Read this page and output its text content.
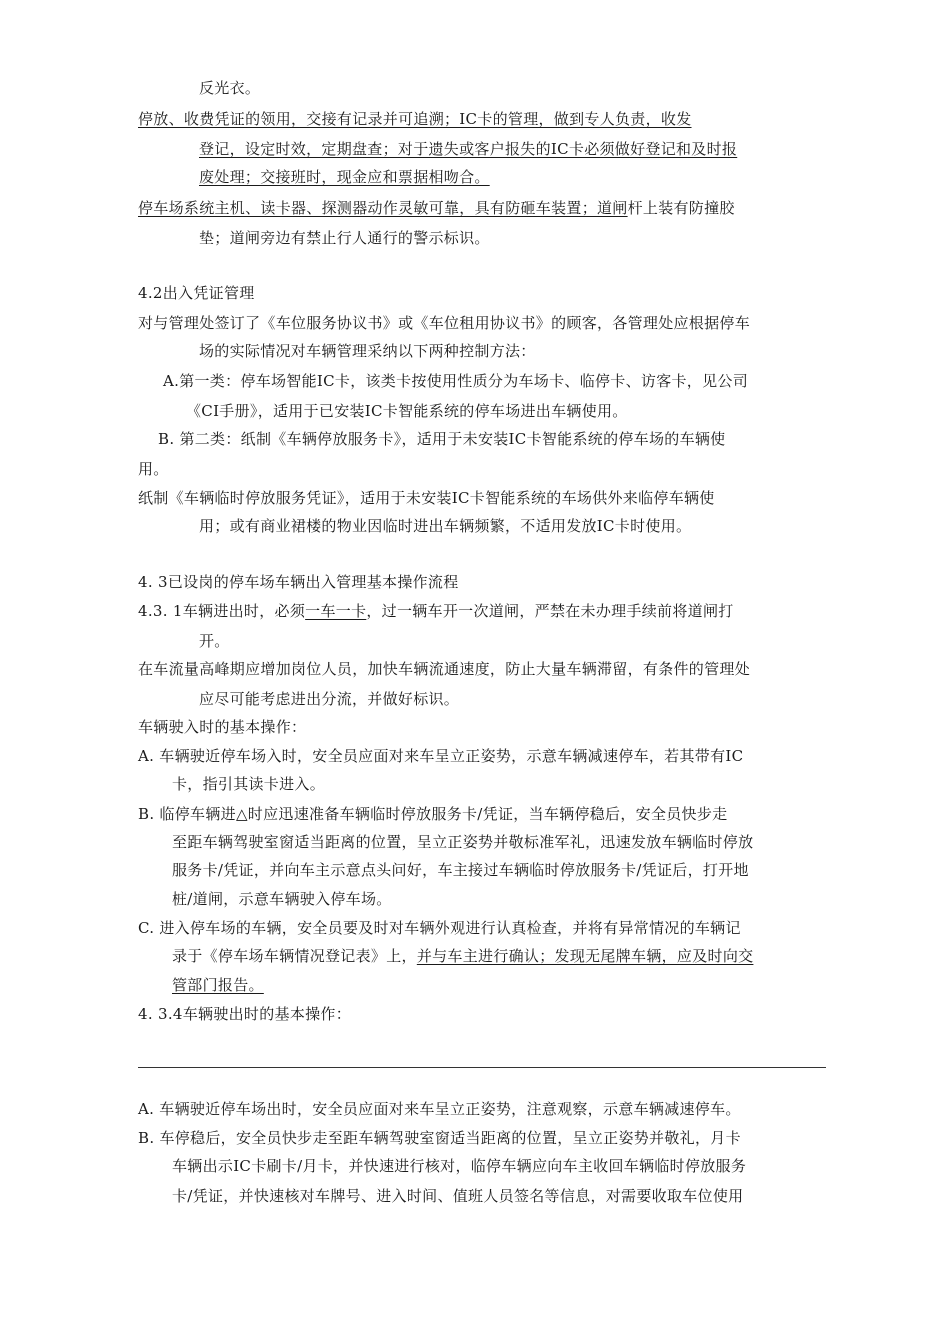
反光衣。
停放、收费凭证的领用，交接有记录并可追溯；IC卡的管理，做到专人负责，收发
登记，设定时效，定期盘查；对于遗失或客户报失的IC卡必须做好登记和及时报
废处理；交接班时，现金应和票据相吻合。
停车场系统主机、读卡器、探测器动作灵敏可靠，具有防砸车装置；道闸杆上装有防撞胶
垫；道闸旁边有禁止行人通行的警示标识。
4.2出入凭证管理
对与管理处签订了《车位服务协议书》或《车位租用协议书》的顾客，各管理处应根据停车
场的实际情况对车辆管理采纳以下两种控制方法：
A.第一类：停车场智能IC卡，该类卡按使用性质分为车场卡、临停卡、访客卡，见公司
《CI手册》，适用于已安装IC卡智能系统的停车场进出车辆使用。
B. 第二类：纸制《车辆停放服务卡》，适用于未安装IC卡智能系统的停车场的车辆使
用。
纸制《车辆临时停放服务凭证》，适用于未安装IC卡智能系统的车场供外来临停车辆使
用；或有商业裙楼的物业因临时进出车辆频繁，不适用发放IC卡时使用。
4. 3已设岗的停车场车辆出入管理基本操作流程
4.3. 1车辆进出时，必须一车一卡，过一辆车开一次道闸，严禁在未办理手续前将道闸打
开。
在车流量高峰期应增加岗位人员，加快车辆流通速度，防止大量车辆滞留，有条件的管理处
应尽可能考虑进出分流，并做好标识。
车辆驶入时的基本操作：
A. 车辆驶近停车场入时，安全员应面对来车呈立正姿势，示意车辆减速停车，若其带有IC
卡，指引其读卡进入。
B. 临停车辆进△时应迅速准备车辆临时停放服务卡/凭证，当车辆停稳后，安全员快步走
至距车辆驾驶室窗适当距离的位置，呈立正姿势并敬标准军礼，迅速发放车辆临时停放
服务卡/凭证，并向车主示意点头问好，车主接过车辆临时停放服务卡/凭证后，打开地
桩/道闸，示意车辆驶入停车场。
C. 进入停车场的车辆，安全员要及时对车辆外观进行认真检查，并将有异常情况的车辆记
录于《停车场车辆情况登记表》上，并与车主进行确认；发现无尾牌车辆，应及时向交
管部门报告。
4. 3.4车辆驶出时的基本操作：
A. 车辆驶近停车场出时，安全员应面对来车呈立正姿势，注意观察，示意车辆减速停车。
B. 车停稳后，安全员快步走至距车辆驾驶室窗适当距离的位置，呈立正姿势并敬礼，月卡
车辆出示IC卡刷卡/月卡，并快速进行核对，临停车辆应向车主收回车辆临时停放服务
卡/凭证，并快速核对车牌号、进入时间、值班人员签名等信息，对需要收取车位使用
